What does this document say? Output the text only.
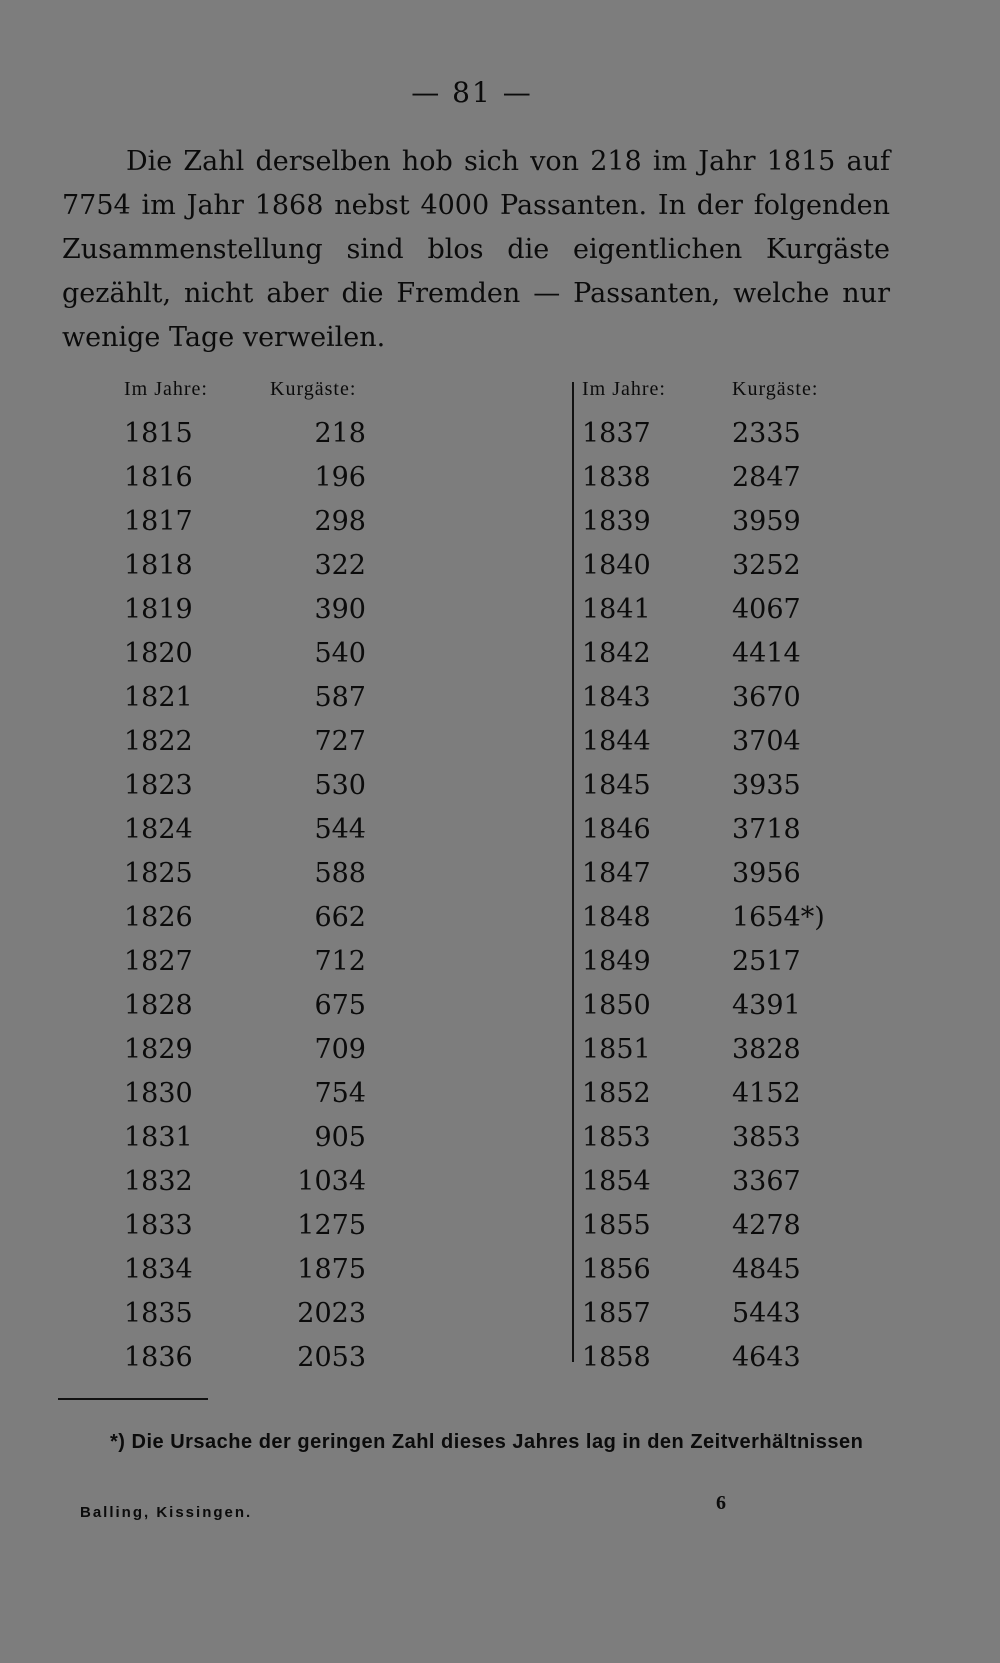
— 81 —

Die Zahl derselben hob sich von 218 im Jahr 1815 auf 7754 im Jahr 1868 nebst 4000 Passanten. In der folgenden Zusammenstellung sind blos die eigentlichen Kurgäste gezählt, nicht aber die Fremden — Passanten, welche nur wenige Tage verweilen.

Im Jahre:	Kurgäste:
1815	218
1816	196
1817	298
1818	322
1819	390
1820	540
1821	587
1822	727
1823	530
1824	544
1825	588
1826	662
1827	712
1828	675
1829	709
1830	754
1831	905
1832	1034
1833	1275
1834	1875
1835	2023
1836	2053
Im Jahre:	Kurgäste:
1837	2335
1838	2847
1839	3959
1840	3252
1841	4067
1842	4414
1843	3670
1844	3704
1845	3935
1846	3718
1847	3956
1848	1654*)
1849	2517
1850	4391
1851	3828
1852	4152
1853	3853
1854	3367
1855	4278
1856	4845
1857	5443
1858	4643
*) Die Ursache der geringen Zahl dieses Jahres lag in den Zeitverhältnissen
Balling, Kissingen.	6
